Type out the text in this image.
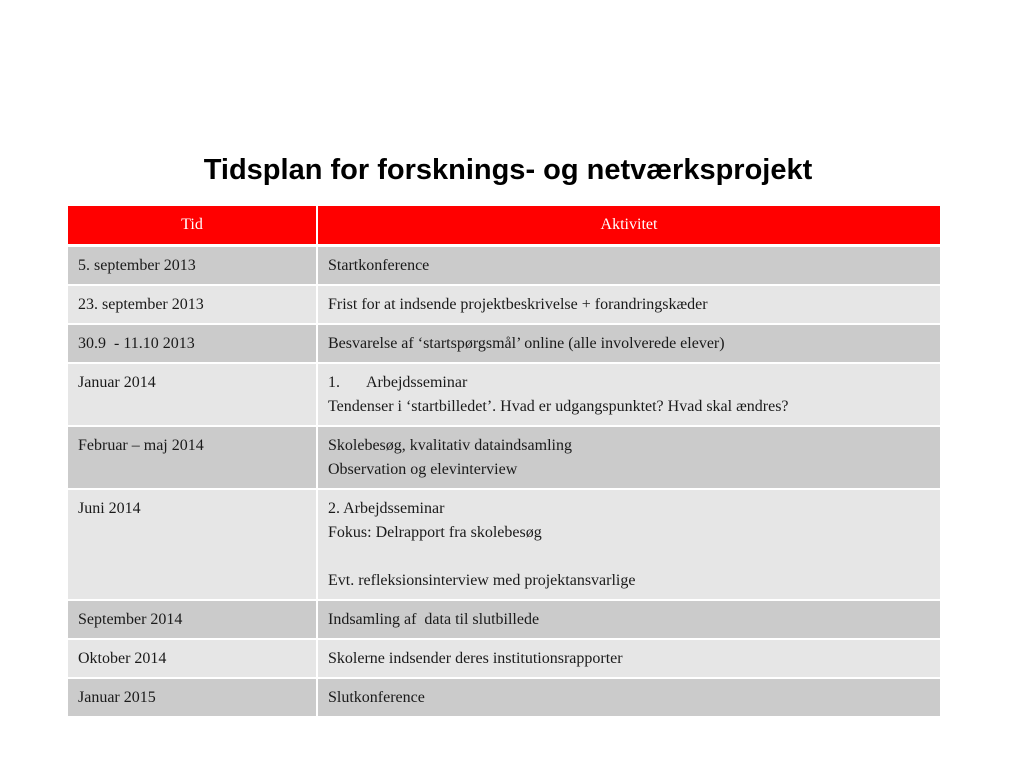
Tidsplan for forsknings- og netværksprojekt
Tid	Aktivitet
5. september 2013	Startkonference

23. september 2013	Frist for at indsende projektbeskrivelse + forandringskæder

30.9  - 11.10 2013	Besvarelse af ‘startspørgsmål’ online (alle involverede elever)

Januar 2014	1. Arbejdsseminar
Tendenser i ‘startbilledet’. Hvad er udgangspunktet? Hvad skal ændres?

Februar – maj 2014	Skolebesøg, kvalitativ dataindsamling
Observation og elevinterview

Juni 2014	2. Arbejdsseminar
Fokus: Delrapport fra skolebesøg
Evt. refleksionsinterview med projektansvarlige

September 2014	Indsamling af  data til slutbillede

Oktober 2014	Skolerne indsender deres institutionsrapporter

Januar 2015	Slutkonference
